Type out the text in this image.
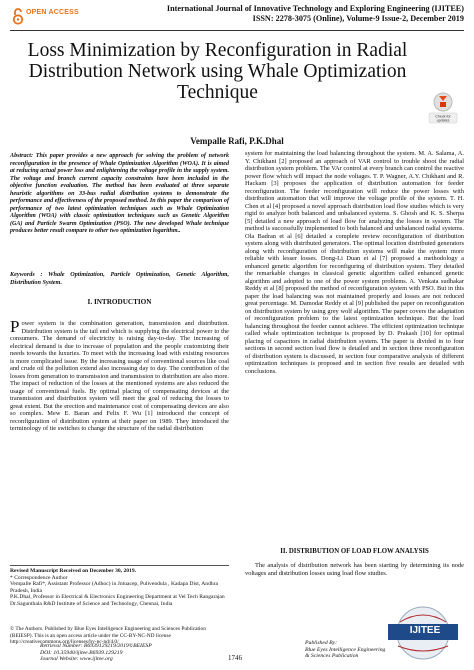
OPEN ACCESS	International Journal of Innovative Technology and Exploring Engineering (IJITEE)
ISSN: 2278-3075 (Online), Volume-9 Issue-2, December 2019
Loss Minimization by Reconfiguration in Radial Distribution Network using Whale Optimization Technique
Check for
updates
Vempalle Rafi, P.K.Dhal
Abstract: This paper provides a new approach for solving the problem of network reconfiguration in the presence of Whale Optimization Algorithm (WOA). It is aimed at reducing actual power loss and enlightening the voltage profile in the supply system. The voltage and branch current capacity constraints have been included in the objective function evaluation. The method has been evaluated at three separate heuristic algorithms on 33-bus radial distribution systems to demonstrate the performance and effectiveness of the proposed method. In this paper the comparison of performance of two latest optimization techniques such as Whale Optimization Algorithm (WOA) with classic optimization techniques such as Genetic Algorithm (GA) and Particle Swarm Optimization (PSO). The new developed Whale technique produces better result compare to other two optimization logarithm..
Keywords : Whale Optimization, Particle Optimization, Genetic Algorithm, Distribution System.
I. INTRODUCTION
Power system is the combination generation, transmission and distribution. Distribution system is the tail end which is supplying the electrical power to the consumers. The demand of electricity is raising day-to-day. The increasing of electrical demand is due to increase of population and the people customizing their needs towards the luxuries. To meet with the increasing load with existing resources is more complicated issue. By the increasing usage of conventional sources like coal and crude oil the pollution extend also increasing day to day. The contribution of the losses from generation to transmission and transmission to distribution are also more. The impact of reduction of the losses at the mentioned systems are also reduced the usage of conventional fuels. By optimal placing of compensating devices at the transmission and distribution system will meet the goal of reducing the losses to great extent. But the erection and maintenance cost of compensating devices are also so complex. Mew E. Baran and Felix F. Wu [1] introduced the concept of reconfiguration of distribution system at their paper on 1989. They introduced the terminology of tie switches to change the structure of the radial distribution
Revised Manuscript Received on December 30, 2019.
* Correspondence Author
Vempalle Rafi*, Assistant Professor (Adhoc) in Jntuacep, Pulivendula , Kadapa Dist, Andhra Pradesh, India
P.K.Dhal, Professor in Electrical & Electronics Engineering Department at Vel Tech Rangarajan Dr.Sagunthala R&D Institute of Science and Technology, Chennai, India
© The Authors. Published by Blue Eyes Intelligence Engineering and Sciences Publication (BEIESP). This is an open access article under the CC-BY-NC-ND license http://creativecommons.org/licenses/by-nc-nd/4.0/
system for maintaining the load balancing throughout the system. M. A. Salama, A. Y. Chikhani [2] proposed an approach of VAR control to trouble shoot the radial distribution system problem. The VAr control at every branch can control the reactive power flow which will impact the node voltages. T. P. Wagner, A.Y. Chikhani and R. Hackam [3] proposes the application of distribution automation for feeder reconfiguration. The feeder reconfiguration will reduce the power losses with distribution automation that will improve the voltage profile of the system. T. H. Chen et al [4] proposed a novel approach distribution load flow studies which is very rigid to analyze both balanced and unbalanced systems. S. Ghosh and K. S. Sherpa [5] detailed a new approach of load flow for analyzing the losses in system. The method is successfully implemented to both balanced and unbalanced radial systems. Ola Badran et al [6] detailed a complete review reconfiguration of distribution system along with distributed generators. The optimal location distributed generators along with reconfiguration of distribution systems will make the system more reliable with lesser losses. Dong-Li Duan et al [7] proposed a methodology a enhanced genetic algorithm for reconfiguring of distribution system. They detailed the remarkable changes in classical genetic algorithm called enhanced genetic algorithm and adopted to one of the power system problems. A. Venkata sudhakar Reddy et al [8] proposed the method of reconfiguration system with PSO. But in this paper the load balancing was not maintained properly and losses are not reduced great percentage. M. Damodar Reddy et al [9] published the paper on reconfiguration on distribution system by using grey wolf algorithm. The paper covers the adaptation of reconfiguration problem to the latest optimization technique. But the load balancing throughout the feeder cannot achieve. The efficient optimization technique called whale optimization technique is proposed by D. Prakash [10] for optimal placing of capacitors in radial distribution system. The paper is divided in to four sections in second section load flow is detailed and in section three reconfiguration of distribution system is discussed, in section four comparative analysis of different optimization techniques is proposed and in section five results are detailed with conclusions.
II. DISTRIBUTION OF LOAD FLOW ANALYSIS

The analysis of distribution network has been starting by determining its node voltages and distribution losses using load flow studies.

Retrieval Number: B6939129219/2019©BEIESP
DOI: 10.35940/ijitee.B6939.129219
Journal Website: www.ijitee.org	1746
Published By:
Blue Eyes Intelligence Engineering
& Sciences Publication
IJITEE
